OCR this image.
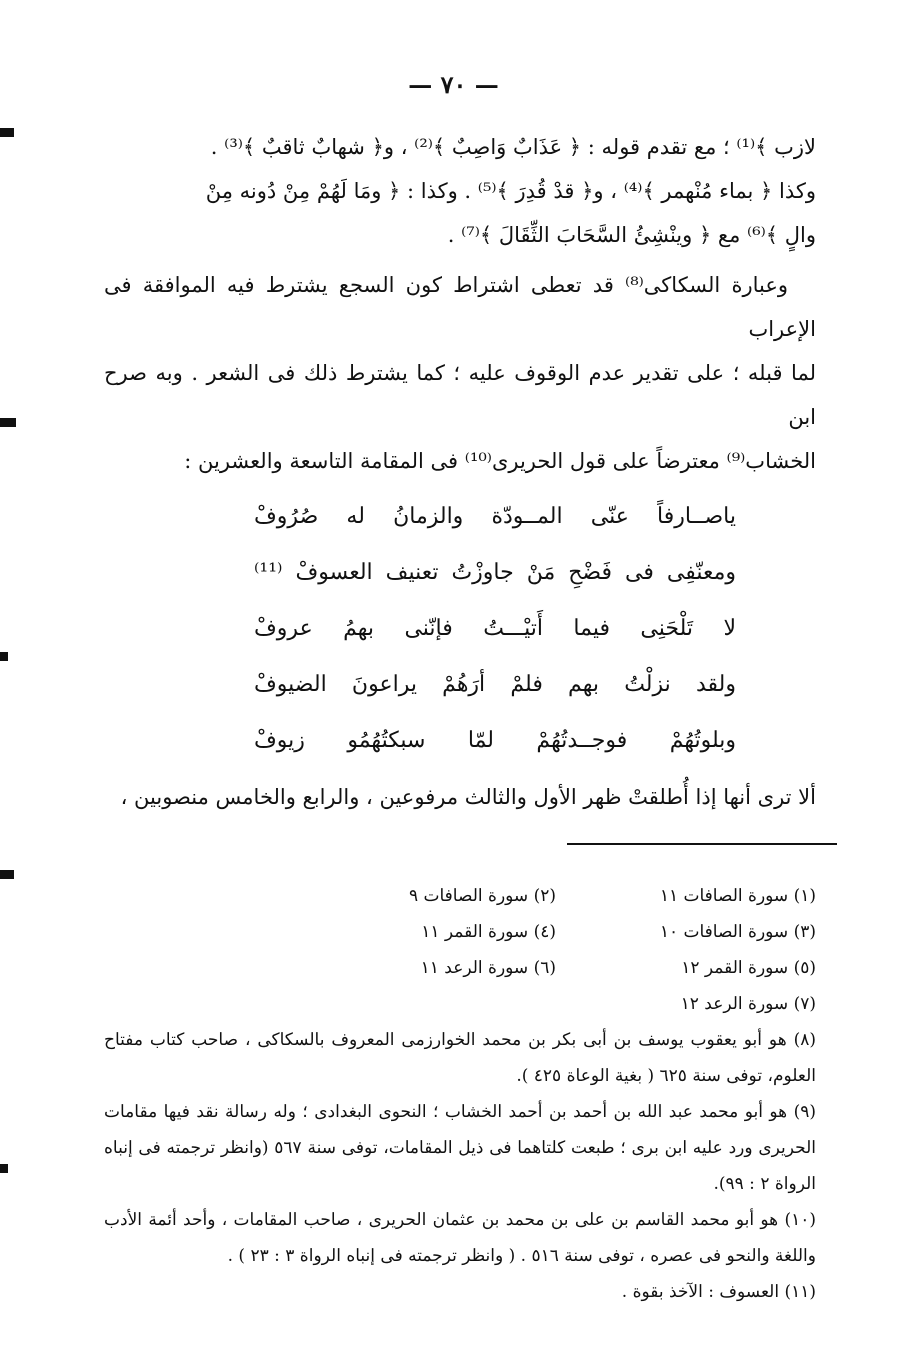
— ٧٠ —

لازب ﴾⁽¹⁾ ؛ مع تقدم قوله : ﴿ عَذَابٌ وَاصِبٌ ﴾⁽²⁾ ، و﴿ شهابٌ ثاقبٌ ﴾⁽³⁾ .

وكذا ﴿ بماء مُنْهمر ﴾⁽⁴⁾ ، و﴿ قدْ قُدِرَ ﴾⁽⁵⁾ . وكذا : ﴿ ومَا لَهُمْ مِنْ دُونه مِنْ

والٍ ﴾⁽⁶⁾ مع ﴿ وينْشِئُ السَّحَابَ الثِّقَالَ ﴾⁽⁷⁾ .

وعبارة السكاكى⁽⁸⁾ قد تعطى اشتراط كون السجع يشترط فيه الموافقة فى الإعراب

لما قبله ؛ على تقدير عدم الوقوف عليه ؛ كما يشترط ذلك فى الشعر . وبه صرح ابن

الخشاب⁽⁹⁾ معترضاً على قول الحريرى⁽¹⁰⁾ فى المقامة التاسعة والعشرين :

ياصــارفاً عنّى المــودّة والزمانُ له صُرُوفْ
ومعنّفِى فى فَضْحِ مَنْ جاوزْتُ تعنيف العسوفْ ⁽¹¹⁾
لا تَلْحَنِى فيما أَتيْـــتُ فإنّنى بهمُ عروفْ
ولقد نزلْتُ بهم فلمْ أرَهُمْ يراعونَ الضيوفْ
وبلوتُهُمْ فوجــدتُهُمْ لمّا سبكتُهُمُو زيوفْ

ألا ترى أنها إذا أُطلقتْ ظهر الأول والثالث مرفوعين ، والرابع والخامس منصوبين ،

(١) سورة الصافات ١١
(٢) سورة الصافات ٩
(٣) سورة الصافات ١٠
(٤) سورة القمر ١١
(٥) سورة القمر ١٢
(٦) سورة الرعد ١١
(٧) سورة الرعد ١٢

(٨) هو أبو يعقوب يوسف بن أبى بكر بن محمد الخوارزمى المعروف بالسكاكى ، صاحب كتاب مفتاح العلوم، توفى سنة ٦٢٥ ( بغية الوعاة ٤٢٥ ).

(٩) هو أبو محمد عبد الله بن أحمد بن أحمد الخشاب ؛ النحوى البغدادى ؛ وله رسالة نقد فيها مقامات الحريرى ورد عليه ابن برى ؛ طبعت كلتاهما فى ذيل المقامات، توفى سنة ٥٦٧ (وانظر ترجمته فى إنباه الرواة ٢ : ٩٩).

(١٠) هو أبو محمد القاسم بن على بن محمد بن عثمان الحريرى ، صاحب المقامات ، وأحد أئمة الأدب واللغة والنحو فى عصره ، توفى سنة ٥١٦ . ( وانظر ترجمته فى إنباه الرواة ٣ : ٢٣ ) .

(١١) العسوف : الآخذ بقوة .
